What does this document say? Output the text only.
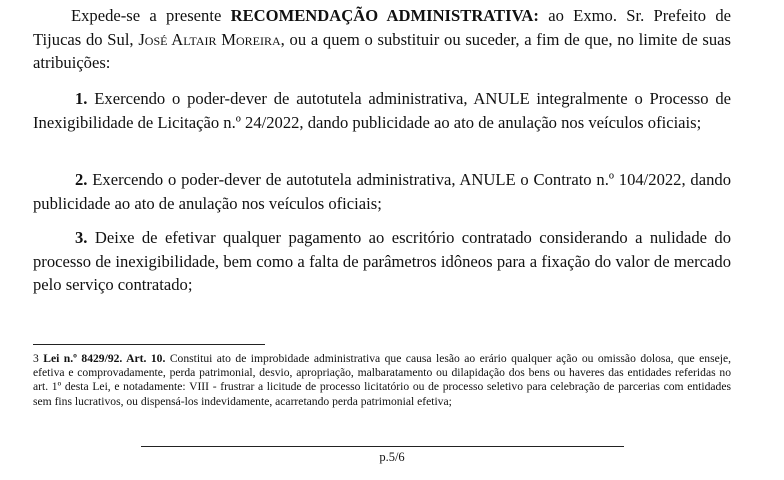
Expede-se a presente RECOMENDAÇÃO ADMINISTRATIVA: ao Exmo. Sr. Prefeito de Tijucas do Sul, José Altair Moreira, ou a quem o substituir ou suceder, a fim de que, no limite de suas atribuições:
1. Exercendo o poder-dever de autotutela administrativa, ANULE integralmente o Processo de Inexigibilidade de Licitação n.º 24/2022, dando publicidade ao ato de anulação nos veículos oficiais;
2. Exercendo o poder-dever de autotutela administrativa, ANULE o Contrato n.º 104/2022, dando publicidade ao ato de anulação nos veículos oficiais;
3. Deixe de efetivar qualquer pagamento ao escritório contratado considerando a nulidade do processo de inexigibilidade, bem como a falta de parâmetros idôneos para a fixação do valor de mercado pelo serviço contratado;
3 Lei n.º 8429/92. Art. 10. Constitui ato de improbidade administrativa que causa lesão ao erário qualquer ação ou omissão dolosa, que enseje, efetiva e comprovadamente, perda patrimonial, desvio, apropriação, malbaratamento ou dilapidação dos bens ou haveres das entidades referidas no art. 1º desta Lei, e notadamente: VIII - frustrar a licitude de processo licitatório ou de processo seletivo para celebração de parcerias com entidades sem fins lucrativos, ou dispensá-los indevidamente, acarretando perda patrimonial efetiva;
p.5/6
